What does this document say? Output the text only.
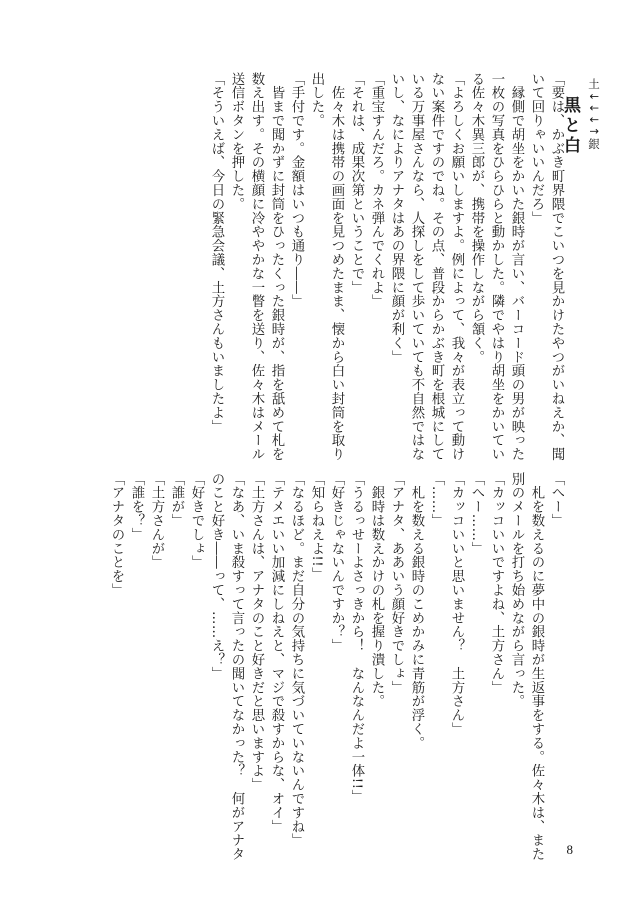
土↓↓↓↑銀
黒と白
「要は、かぶき町界隈でこいつを見かけたやつがいねえか、聞
いて回りゃいいんだろ」
　縁側で胡坐をかいた銀時が言い、バーコード頭の男が映った
一枚の写真をひらひらと動かした。隣でやはり胡坐をかいてい
る佐々木異三郎が、携帯を操作しながら頷く。
「よろしくお願いしますよ。例によって、我々が表立って動け
ない案件ですのでね。その点、普段からかぶき町を根城にして
いる万事屋さんなら、人探しをして歩いていても不自然ではな
いし、なによりアナタはあの界隈に顔が利く」
「重宝すんだろ。カネ弾んでくれよ」
「それは、成果次第ということで」
　佐々木は携帯の画面を見つめたまま、懐から白い封筒を取り
出した。
「手付です。金額はいつも通り――」
　皆まで聞かずに封筒をひったくった銀時が、指を舐めて札を
数え出す。その横顔に冷ややかな一瞥を送り、佐々木はメール
送信ボタンを押した。
「そういえば、今日の緊急会議、土方さんもいましたよ」
「へー」
　札を数えるのに夢中の銀時が生返事をする。佐々木は、また
別のメールを打ち始めながら言った。
「カッコいいですよね、土方さん」
「へー……」
「カッコいいと思いません？　土方さん」
「……」
　札を数える銀時のこめかみに青筋が浮く。
「アナタ、ああいう顔好きでしょ」
　銀時は数えかけの札を握り潰した。
「うるっせーよさっきから！　なんなんだよ一体!!」
「好きじゃないんですか？」
「知らねえよ!!」
「なるほど。まだ自分の気持ちに気づいていないんですね」
「テメエいい加減にしねえと、マジで殺すからな、オイ」
「土方さんは、アナタのこと好きだと思いますよ」
「なあ、いま殺すって言ったの聞いてなかった？　何がアナタ
のこと好き――って、……え？」
「好きでしょ」
「誰が」
「土方さんが」
「誰を？」
「アナタのことを」
8
